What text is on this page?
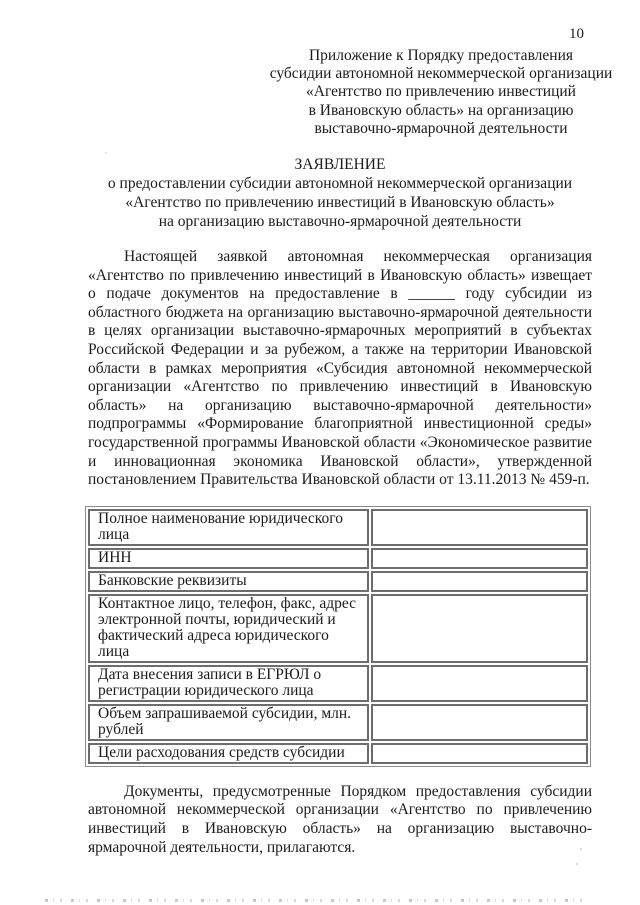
10
Приложение к Порядку предоставления
субсидии автономной некоммерческой организации
«Агентство по привлечению инвестиций
в Ивановскую область» на организацию
выставочно-ярмарочной деятельности
ЗАЯВЛЕНИЕ
о предоставлении субсидии автономной некоммерческой организации
«Агентство по привлечению инвестиций в Ивановскую область»
на организацию выставочно-ярмарочной деятельности
Настоящей заявкой автономная некоммерческая организация «Агентство по привлечению инвестиций в Ивановскую область» извещает о подаче документов на предоставление в ______ году субсидии из областного бюджета на организацию выставочно-ярмарочной деятельности в целях организации выставочно-ярмарочных мероприятий в субъектах Российской Федерации и за рубежом, а также на территории Ивановской области в рамках мероприятия «Субсидия автономной некоммерческой организации «Агентство по привлечению инвестиций в Ивановскую область» на организацию выставочно-ярмарочной деятельности» подпрограммы «Формирование благоприятной инвестиционной среды» государственной программы Ивановской области «Экономическое развитие и инновационная экономика Ивановской области», утвержденной постановлением Правительства Ивановской области от 13.11.2013 № 459-п.
Полное наименование юридического лица	
ИНН	
Банковские реквизиты	
Контактное лицо, телефон, факс, адрес электронной почты, юридический и фактический адреса юридического лица	
Дата внесения записи в ЕГРЮЛ о регистрации юридического лица	
Объем запрашиваемой субсидии, млн. рублей	
Цели расходования средств субсидии	
Документы, предусмотренные Порядком предоставления субсидии автономной некоммерческой организации «Агентство по привлечению инвестиций в Ивановскую область» на организацию выставочно-ярмарочной деятельности, прилагаются.
